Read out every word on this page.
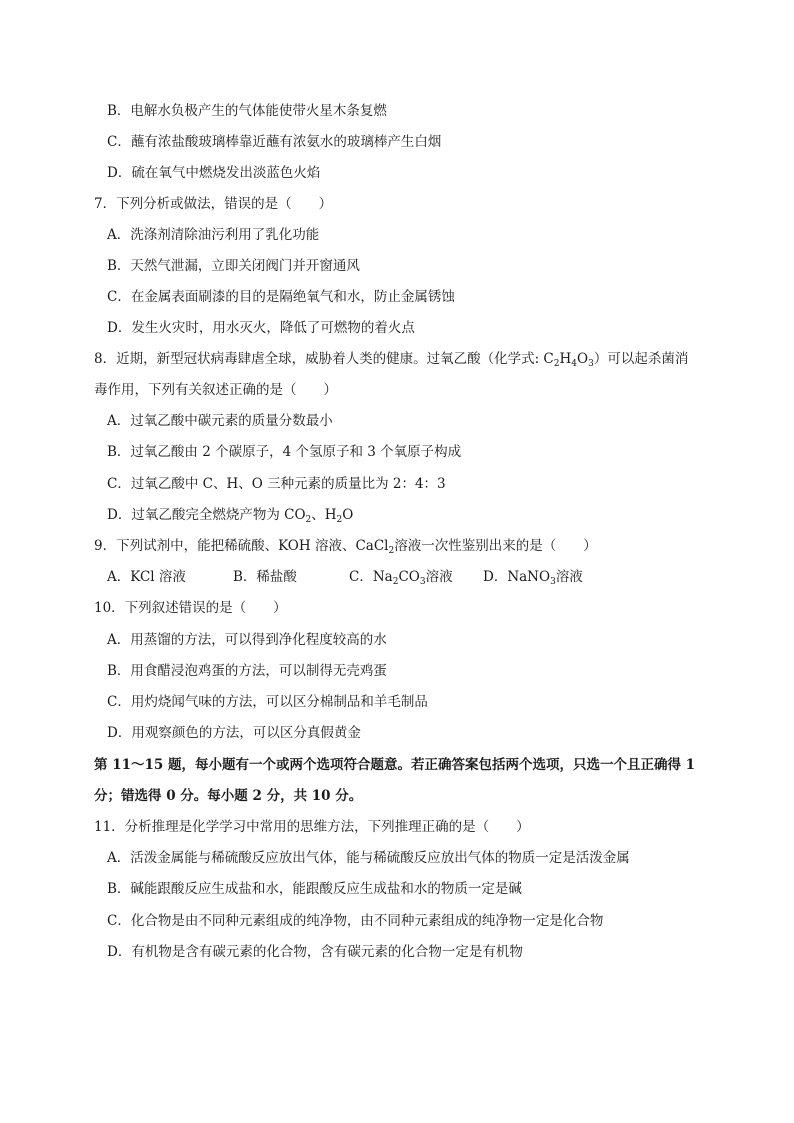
B．电解水负极产生的气体能使带火星木条复燃
C．蘸有浓盐酸玻璃棒靠近蘸有浓氨水的玻璃棒产生白烟
D．硫在氧气中燃烧发出淡蓝色火焰
7．下列分析或做法，错误的是（　　）
A．洗涤剂清除油污利用了乳化功能
B．天然气泄漏，立即关闭阀门并开窗通风
C．在金属表面刷漆的目的是隔绝氧气和水，防止金属锈蚀
D．发生火灾时，用水灭火，降低了可燃物的着火点
8．近期，新型冠状病毒肆虐全球，威胁着人类的健康。过氧乙酸（化学式: $C_2H_4O_3$）可以起杀菌消
毒作用，下列有关叙述正确的是（　　）
A．过氧乙酸中碳元素的质量分数最小
B．过氧乙酸由 2 个碳原子，4 个氢原子和 3 个氧原子构成
C．过氧乙酸中 C、H、O 三种元素的质量比为 2：4：3
D．过氧乙酸完全燃烧产物为 $CO_2$、$H_2O$
9．下列试剂中，能把稀硫酸、KOH 溶液、CaCl$_2$溶液一次性鉴别出来的是（　　）
A．KCl 溶液	B．稀盐酸	C．$Na_2CO_3$溶液 D．NaNO$_3$溶液
10．下列叙述错误的是（　　）
A．用蒸馏的方法，可以得到净化程度较高的水
B．用食醋浸泡鸡蛋的方法，可以制得无壳鸡蛋
C．用灼烧闻气味的方法，可以区分棉制品和羊毛制品
D．用观察颜色的方法，可以区分真假黄金
第 11～15 题，每小题有一个或两个选项符合题意。若正确答案包括两个选项，只选一个且正确得 1
分；错选得 0 分。每小题 2 分，共 10 分。
11．分析推理是化学学习中常用的思维方法，下列推理正确的是（　　）
A．活泼金属能与稀硫酸反应放出气体，能与稀硫酸反应放出气体的物质一定是活泼金属
B．碱能跟酸反应生成盐和水，能跟酸反应生成盐和水的物质一定是碱
C．化合物是由不同种元素组成的纯净物，由不同种元素组成的纯净物一定是化合物
D．有机物是含有碳元素的化合物，含有碳元素的化合物一定是有机物
